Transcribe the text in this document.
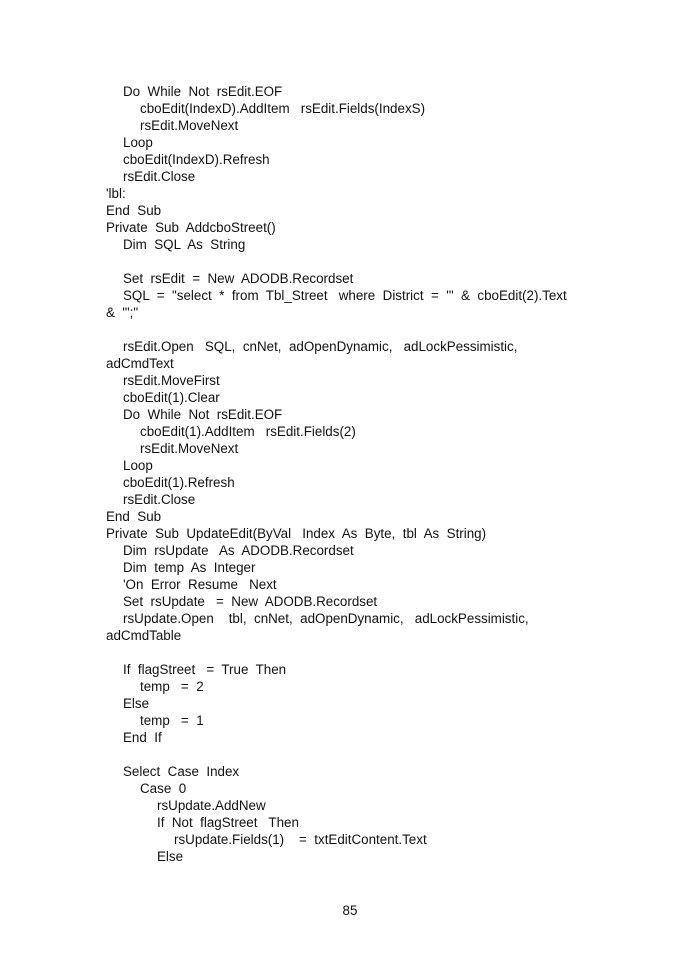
Do  While  Not  rsEdit.EOF
cboEdit(IndexD).AddItem   rsEdit.Fields(IndexS)
rsEdit.MoveNext
Loop
cboEdit(IndexD).Refresh
rsEdit.Close
'lbl:
End  Sub
Private  Sub  AddcboStreet()
Dim  SQL  As  String
Set  rsEdit  =  New  ADODB.Recordset
SQL  =  "select  *  from  Tbl_Street   where  District  =  '"  &  cboEdit(2).Text
&  "';"
rsEdit.Open   SQL,  cnNet,  adOpenDynamic,   adLockPessimistic,
adCmdText
rsEdit.MoveFirst
cboEdit(1).Clear
Do  While  Not  rsEdit.EOF
cboEdit(1).AddItem   rsEdit.Fields(2)
rsEdit.MoveNext
Loop
cboEdit(1).Refresh
rsEdit.Close
End  Sub
Private  Sub  UpdateEdit(ByVal   Index  As  Byte,  tbl  As  String)
Dim  rsUpdate   As  ADODB.Recordset
Dim  temp  As  Integer
'On  Error  Resume   Next
Set  rsUpdate   =  New  ADODB.Recordset
rsUpdate.Open    tbl,  cnNet,  adOpenDynamic,   adLockPessimistic,
adCmdTable
If  flagStreet   =  True  Then
temp   =  2
Else
temp   =  1
End  If
Select  Case  Index
Case  0
rsUpdate.AddNew
If  Not  flagStreet   Then
rsUpdate.Fields(1)    =  txtEditContent.Text
Else
85
